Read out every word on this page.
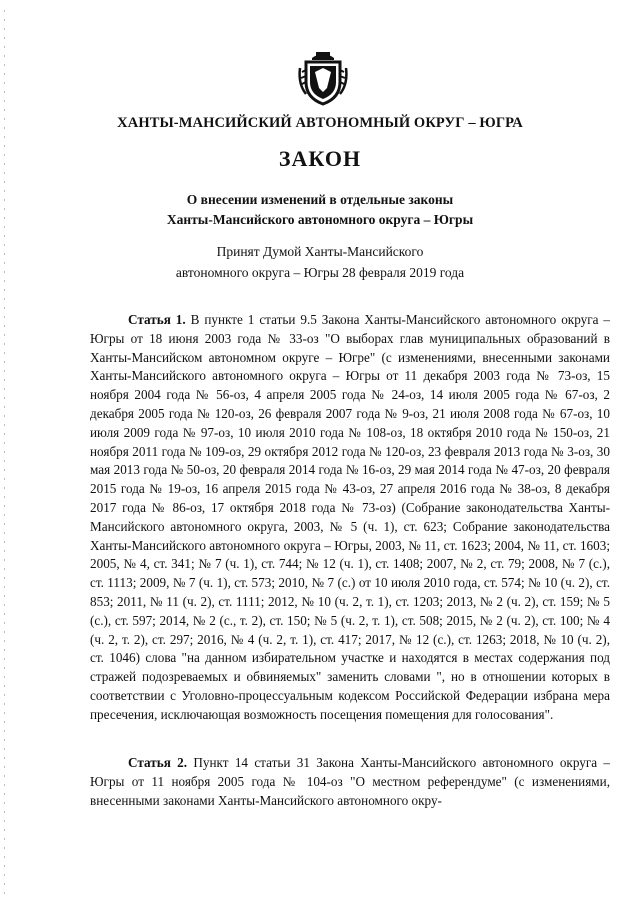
ХАНТЫ-МАНСИЙСКИЙ АВТОНОМНЫЙ ОКРУГ – ЮГРА
ЗАКОН
О внесении изменений в отдельные законы
Ханты-Мансийского автономного округа – Югры
Принят Думой Ханты-Мансийского
автономного округа – Югры 28 февраля 2019 года
Статья 1. В пункте 1 статьи 9.5 Закона Ханты-Мансийского автономного округа – Югры от 18 июня 2003 года № 33-оз "О выборах глав муниципальных образований в Ханты-Мансийском автономном округе – Югре" (с изменениями, внесенными законами Ханты-Мансийского автономного округа – Югры от 11 декабря 2003 года № 73-оз, 15 ноября 2004 года № 56-оз, 4 апреля 2005 года № 24-оз, 14 июля 2005 года № 67-оз, 2 декабря 2005 года № 120-оз, 26 февраля 2007 года № 9-оз, 21 июля 2008 года № 67-оз, 10 июля 2009 года № 97-оз, 10 июля 2010 года № 108-оз, 18 октября 2010 года № 150-оз, 21 ноября 2011 года № 109-оз, 29 октября 2012 года № 120-оз, 23 февраля 2013 года № 3-оз, 30 мая 2013 года № 50-оз, 20 февраля 2014 года № 16-оз, 29 мая 2014 года № 47-оз, 20 февраля 2015 года № 19-оз, 16 апреля 2015 года № 43-оз, 27 апреля 2016 года № 38-оз, 8 декабря 2017 года № 86-оз, 17 октября 2018 года № 73-оз) (Собрание законодательства Ханты-Мансийского автономного округа, 2003, № 5 (ч. 1), ст. 623; Собрание законодательства Ханты-Мансийского автономного округа – Югры, 2003, № 11, ст. 1623; 2004, № 11, ст. 1603; 2005, № 4, ст. 341; № 7 (ч. 1), ст. 744; № 12 (ч. 1), ст. 1408; 2007, № 2, ст. 79; 2008, № 7 (с.), ст. 1113; 2009, № 7 (ч. 1), ст. 573; 2010, № 7 (с.) от 10 июля 2010 года, ст. 574; № 10 (ч. 2), ст. 853; 2011, № 11 (ч. 2), ст. 1111; 2012, № 10 (ч. 2, т. 1), ст. 1203; 2013, № 2 (ч. 2), ст. 159; № 5 (с.), ст. 597; 2014, № 2 (с., т. 2), ст. 150; № 5 (ч. 2, т. 1), ст. 508; 2015, № 2 (ч. 2), ст. 100; № 4 (ч. 2, т. 2), ст. 297; 2016, № 4 (ч. 2, т. 1), ст. 417; 2017, № 12 (с.), ст. 1263; 2018, № 10 (ч. 2), ст. 1046) слова "на данном избирательном участке и находятся в местах содержания под стражей подозреваемых и обвиняемых" заменить словами ", но в отношении которых в соответствии с Уголовно-процессуальным кодексом Российской Федерации избрана мера пресечения, исключающая возможность посещения помещения для голосования".
Статья 2. Пункт 14 статьи 31 Закона Ханты-Мансийского автономного округа – Югры от 11 ноября 2005 года № 104-оз "О местном референдуме" (с изменениями, внесенными законами Ханты-Мансийского автономного окру-
